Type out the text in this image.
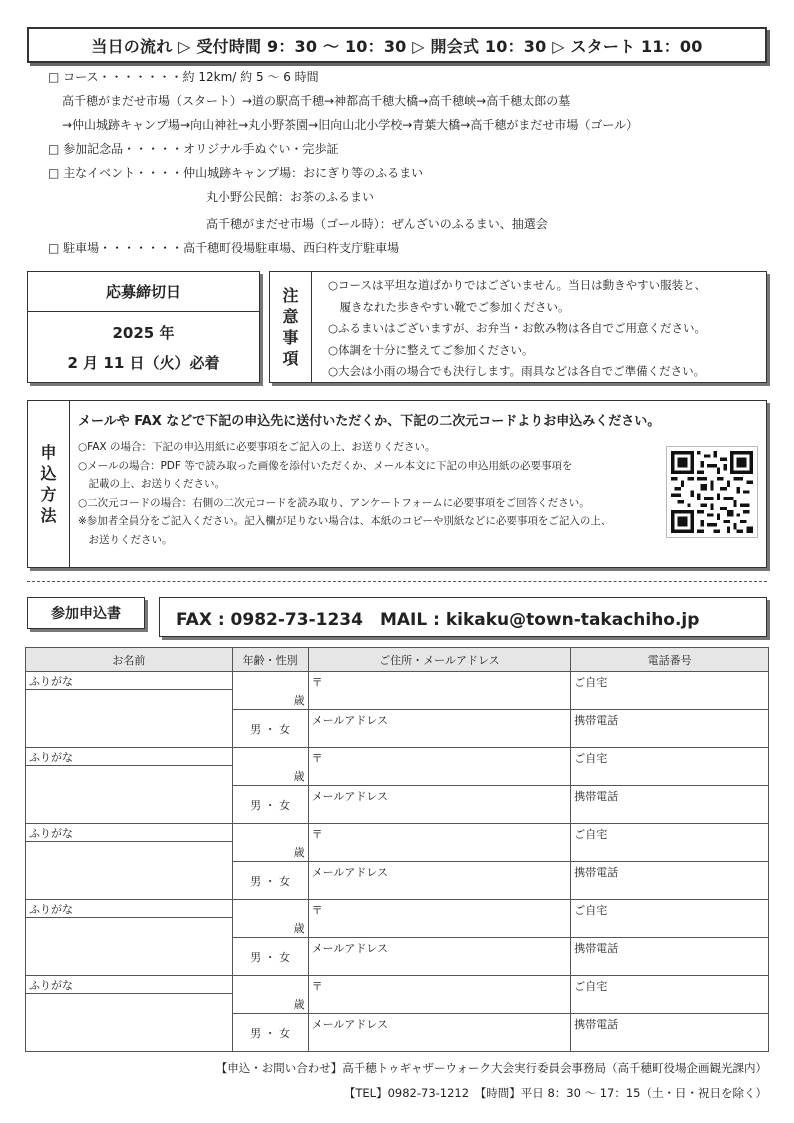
当日の流れ ▷ 受付時間 9：30 ～ 10：30 ▷ 開会式 10：30 ▷ スタート 11：00
□ コース・・・・・・・約 12km/ 約 5 ～ 6 時間
高千穂がまだせ市場（スタート）→道の駅高千穂→神都高千穂大橋→高千穂峡→高千穂太郎の墓
→仲山城跡キャンプ場→向山神社→丸小野茶園→旧向山北小学校→青葉大橋→高千穂がまだせ市場（ゴール）
□ 参加記念品・・・・・オリジナル手ぬぐい・完歩証
□ 主なイベント・・・・仲山城跡キャンプ場：おにぎり等のふるまい
丸小野公民館：お茶のふるまい
高千穂がまだせ市場（ゴール時）：ぜんざいのふるまい、抽選会
□ 駐車場・・・・・・・高千穂町役場駐車場、西臼杵支庁駐車場
応募締切日
2025 年
2 月 11 日（火）必着
注
意
事
項
○コースは平坦な道ばかりではございません。当日は動きやすい服装と、
　履きなれた歩きやすい靴でご参加ください。
○ふるまいはございますが、お弁当・お飲み物は各自でご用意ください。
○体調を十分に整えてご参加ください。
○大会は小雨の場合でも決行します。雨具などは各自でご準備ください。
申
込
方
法
メールや FAX などで下記の申込先に送付いただくか、下記の二次元コードよりお申込みください。
○FAX の場合：下記の申込用紙に必要事項をご記入の上、お送りください。
○メールの場合：PDF 等で読み取った画像を添付いただくか、メール本文に下記の申込用紙の必要事項を
　記載の上、お送りください。
○二次元コードの場合：右側の二次元コードを読み取り、アンケートフォームに必要事項をご回答ください。
※参加者全員分をご記入ください。記入欄が足りない場合は、本紙のコピーや別紙などに必要事項をご記入の上、
　お送りください。
参加申込書	FAX : 0982-73-1234　MAIL : kikaku@town-takachiho.jp
お名前	年齢・性別	ご住所・メールアドレス	電話番号

ふりがな	歳	〒	ご自宅
	男 ・ 女	メールアドレス	携帯電話

ふりがな	歳	〒	ご自宅
	男 ・ 女	メールアドレス	携帯電話

ふりがな	歳	〒	ご自宅
	男 ・ 女	メールアドレス	携帯電話

ふりがな	歳	〒	ご自宅
	男 ・ 女	メールアドレス	携帯電話

ふりがな	歳	〒	ご自宅
	男 ・ 女	メールアドレス	携帯電話
【申込・お問い合わせ】高千穂トゥギャザーウォーク大会実行委員会事務局（高千穂町役場企画観光課内）
【TEL】0982-73-1212　【時間】平日 8：30 ～ 17：15（土・日・祝日を除く）
